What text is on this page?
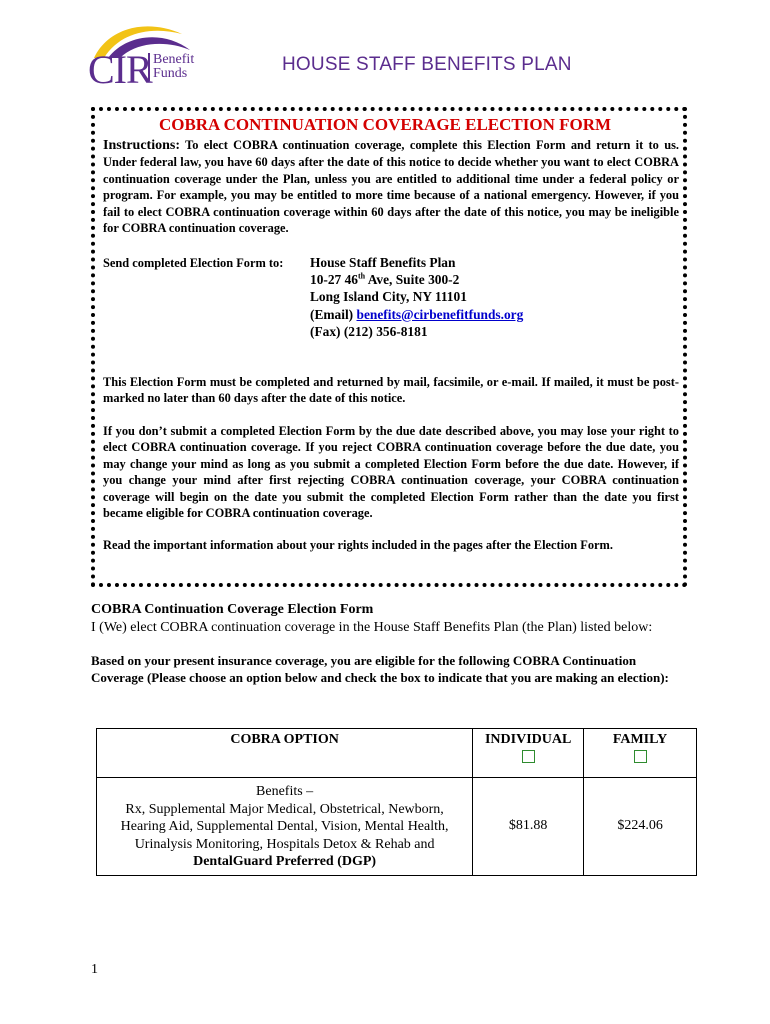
CIR Benefit
Funds	HOUSE STAFF BENEFITS PLAN
COBRA CONTINUATION COVERAGE ELECTION FORM
Instructions: To elect COBRA continuation coverage, complete this Election Form and return it to us. Under federal law, you have 60 days after the date of this notice to decide whether you want to elect COBRA continuation coverage under the Plan, unless you are entitled to additional time under a federal policy or program. For example, you may be entitled to more time because of a national emergency. However, if you fail to elect COBRA continuation coverage within 60 days after the date of this notice, you may be ineligible for COBRA continuation coverage.
Send completed Election Form to: House Staff Benefits Plan
10-27 46th Ave, Suite 300-2
Long Island City, NY 11101
(Email) benefits@cirbenefitfunds.org
(Fax) (212) 356-8181
This Election Form must be completed and returned by mail, facsimile, or e-mail. If mailed, it must be post-marked no later than 60 days after the date of this notice.
If you don’t submit a completed Election Form by the due date described above, you may lose your right to elect COBRA continuation coverage. If you reject COBRA continuation coverage before the due date, you may change your mind as long as you submit a completed Election Form before the due date. However, if you change your mind after first rejecting COBRA continuation coverage, your COBRA continuation coverage will begin on the date you submit the completed Election Form rather than the date you first became eligible for COBRA continuation coverage.
Read the important information about your rights included in the pages after the Election Form.
COBRA Continuation Coverage Election Form
I (We) elect COBRA continuation coverage in the House Staff Benefits Plan (the Plan) listed below:
Based on your present insurance coverage, you are eligible for the following COBRA Continuation Coverage (Please choose an option below and check the box to indicate that you are making an election):
COBRA OPTION	INDIVIDUAL	FAMILY

Benefits –
Rx, Supplemental Major Medical, Obstetrical, Newborn,
Hearing Aid, Supplemental Dental, Vision, Mental Health,
Urinalysis Monitoring, Hospitals Detox & Rehab and
DentalGuard Preferred (DGP)	$81.88	$224.06
1
